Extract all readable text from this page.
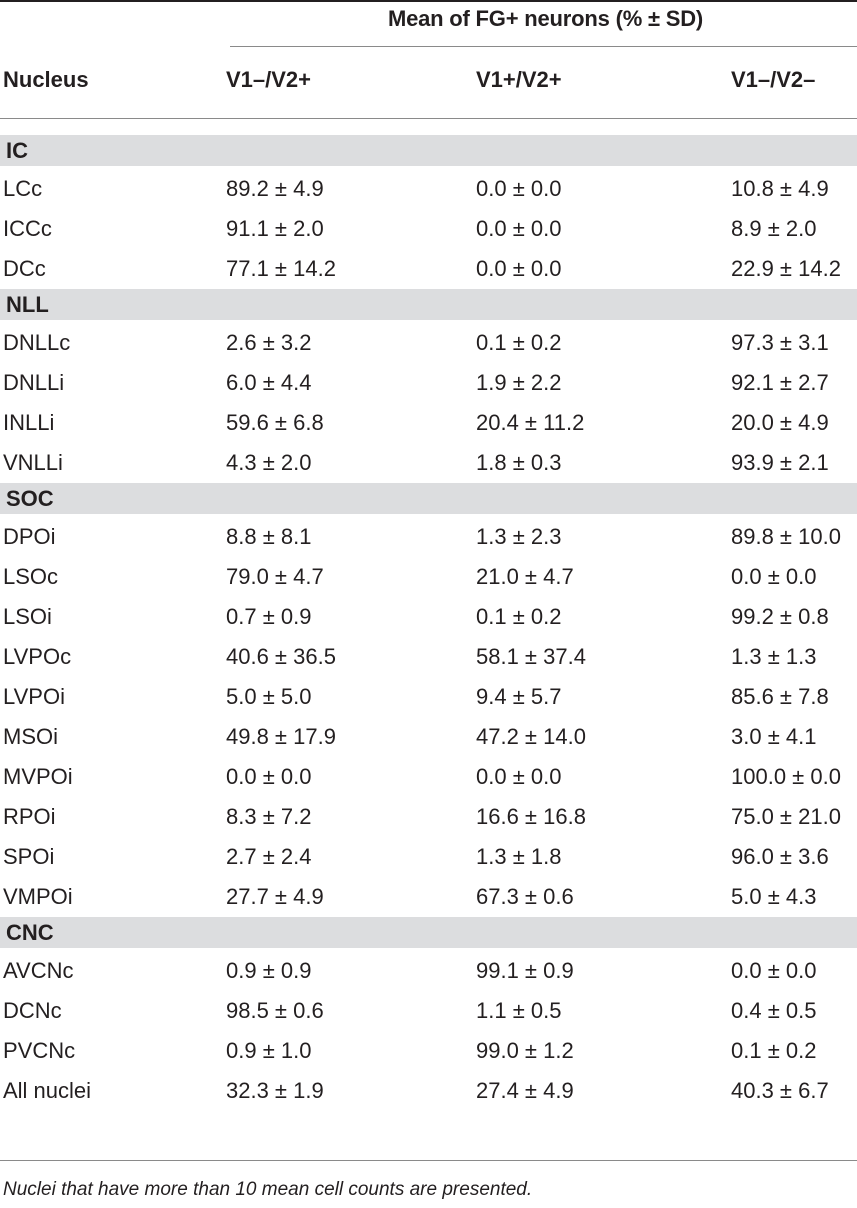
Mean of FG+ neurons (% ± SD)
Nucleus	V1–/V2+	V1+/V2+	V1–/V2–
IC
LCc	89.2 ± 4.9	0.0 ± 0.0	10.8 ± 4.9
ICCc	91.1 ± 2.0	0.0 ± 0.0	8.9 ± 2.0
DCc	77.1 ± 14.2	0.0 ± 0.0	22.9 ± 14.2
NLL
DNLLc	2.6 ± 3.2	0.1 ± 0.2	97.3 ± 3.1
DNLLi	6.0 ± 4.4	1.9 ± 2.2	92.1 ± 2.7
INLLi	59.6 ± 6.8	20.4 ± 11.2	20.0 ± 4.9
VNLLi	4.3 ± 2.0	1.8 ± 0.3	93.9 ± 2.1
SOC
DPOi	8.8 ± 8.1	1.3 ± 2.3	89.8 ± 10.0
LSOc	79.0 ± 4.7	21.0 ± 4.7	0.0 ± 0.0
LSOi	0.7 ± 0.9	0.1 ± 0.2	99.2 ± 0.8
LVPOc	40.6 ± 36.5	58.1 ± 37.4	1.3 ± 1.3
LVPOi	5.0 ± 5.0	9.4 ± 5.7	85.6 ± 7.8
MSOi	49.8 ± 17.9	47.2 ± 14.0	3.0 ± 4.1
MVPOi	0.0 ± 0.0	0.0 ± 0.0	100.0 ± 0.0
RPOi	8.3 ± 7.2	16.6 ± 16.8	75.0 ± 21.0
SPOi	2.7 ± 2.4	1.3 ± 1.8	96.0 ± 3.6
VMPOi	27.7 ± 4.9	67.3 ± 0.6	5.0 ± 4.3
CNC
AVCNc	0.9 ± 0.9	99.1 ± 0.9	0.0 ± 0.0
DCNc	98.5 ± 0.6	1.1 ± 0.5	0.4 ± 0.5
PVCNc	0.9 ± 1.0	99.0 ± 1.2	0.1 ± 0.2
All nuclei	32.3 ± 1.9	27.4 ± 4.9	40.3 ± 6.7
Nuclei that have more than 10 mean cell counts are presented.
